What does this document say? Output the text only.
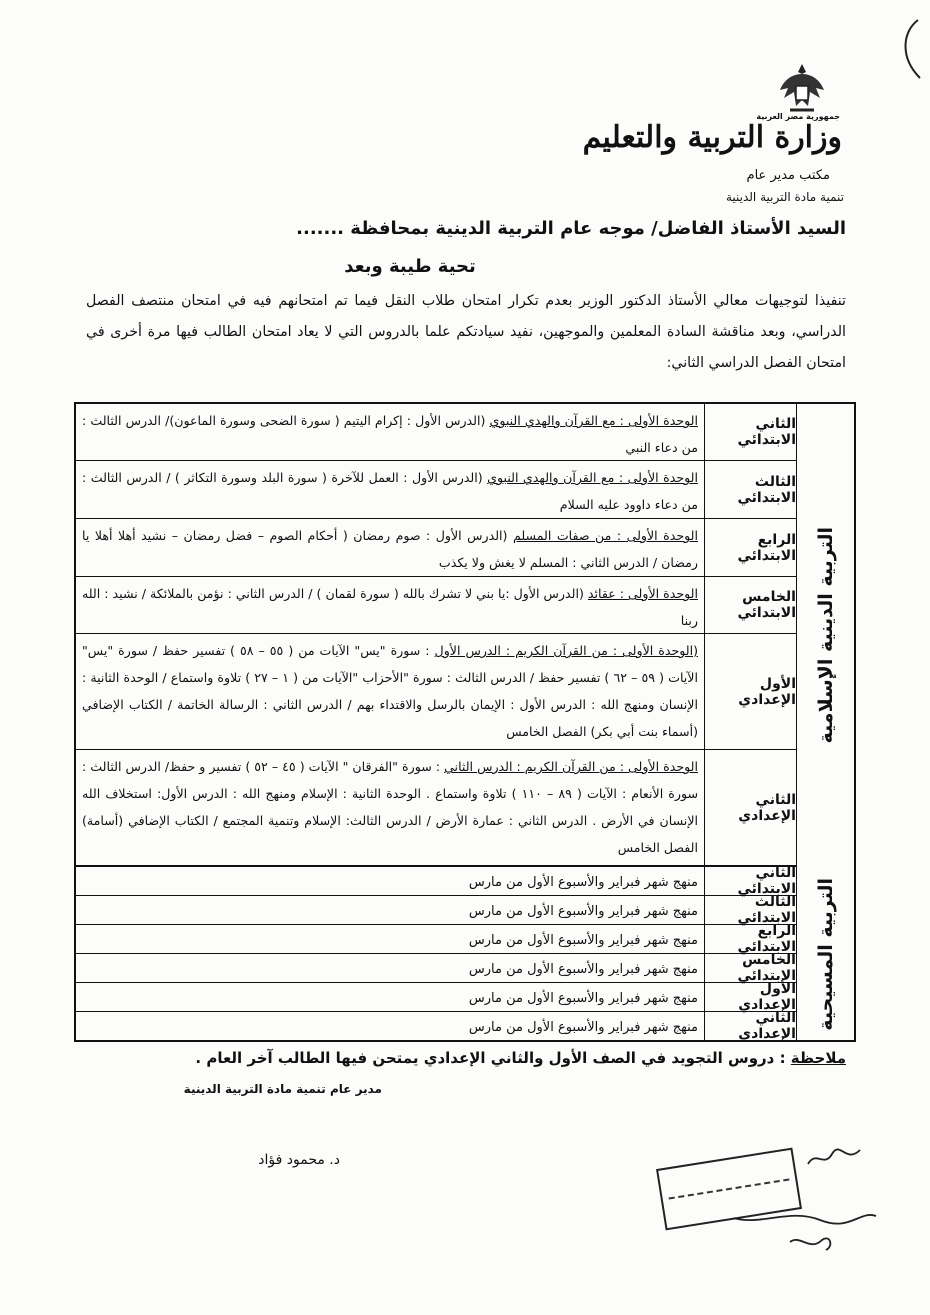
جمهورية مصر العربية
وزارة التربية والتعليم
مكتب مدير عام
تنمية مادة التربية الدينية
السيد الأستاذ الفاضل/ موجه عام التربية الدينية بمحافظة .......
تحية طيبة وبعد
تنفيذا لتوجيهات معالي الأستاذ الدكتور الوزير بعدم تكرار امتحان طلاب النقل فيما تم امتحانهم فيه في امتحان منتصف الفصل الدراسي، وبعد مناقشة السادة المعلمين والموجهين، نفيد سيادتكم علما بالدروس التي لا يعاد امتحان الطالب فيها مرة أخرى في امتحان الفصل الدراسي الثاني:
التربية الدينية الإسلامية
التربية المسيحية
الثاني الابتدائي
الوحدة الأولى : مع القرآن والهدي النبوي (الدرس الأول : إكرام اليتيم ( سورة الضحى وسورة الماعون)/ الدرس الثالث : من دعاء النبي
الثالث الابتدائي
الوحدة الأولى : مع القرآن والهدي النبوي (الدرس الأول : العمل للآخرة ( سورة البلد وسورة التكاثر ) / الدرس الثالث : من دعاء داوود عليه السلام
الرابع الابتدائي
الوحدة الأولى : من صفات المسلم (الدرس الأول : صوم رمضان ( أحكام الصوم – فضل رمضان – نشيد أهلا أهلا يا رمضان / الدرس الثاني : المسلم لا يغش ولا يكذب
الخامس الابتدائي
الوحدة الأولى : عقائد (الدرس الأول :يا بني لا تشرك بالله ( سورة لقمان ) / الدرس الثاني : نؤمن بالملائكة / نشيد : الله ربنا
الأول الإعدادي
(الوحدة الأولى : من القرآن الكريم : الدرس الأول : سورة "يس" الآيات من ( ٥٥ – ٥٨ ) تفسير حفظ / سورة "يس" الآيات ( ٥٩ – ٦٢ ) تفسير حفظ / الدرس الثالث : سورة "الأحزاب "الآيات من ( ١ – ٢٧ ) تلاوة واستماع / الوحدة الثانية : الإنسان ومنهج الله : الدرس الأول : الإيمان بالرسل والاقتداء بهم / الدرس الثاني : الرسالة الخاتمة / الكتاب الإضافي (أسماء بنت أبي بكر) الفصل الخامس
الثاني الإعدادي
الوحدة الأولى : من القرآن الكريم : الدرس الثاني : سورة "الفرقان " الآيات ( ٤٥ – ٥٢ ) تفسير و حفظ/ الدرس الثالث : سورة الأنعام : الآيات ( ٨٩ – ١١٠ ) تلاوة واستماع . الوحدة الثانية : الإسلام ومنهج الله : الدرس الأول: استخلاف الله الإنسان في الأرض . الدرس الثاني : عمارة الأرض / الدرس الثالث: الإسلام وتنمية المجتمع / الكتاب الإضافي (أسامة) الفصل الخامس
الثاني الابتدائي
منهج شهر فبراير والأسبوع الأول من مارس
الثالث الابتدائي
منهج شهر فبراير والأسبوع الأول من مارس
الرابع الابتدائي
منهج شهر فبراير والأسبوع الأول من مارس
الخامس الابتدائي
منهج شهر فبراير والأسبوع الأول من مارس
الأول الإعدادي
منهج شهر فبراير والأسبوع الأول من مارس
الثاني الإعدادي
منهج شهر فبراير والأسبوع الأول من مارس
ملاحظة : دروس التجويد في الصف الأول والثاني الإعدادي يمتحن فيها الطالب آخر العام .
مدير عام تنمية مادة التربية الدينية
د. محمود فؤاد
